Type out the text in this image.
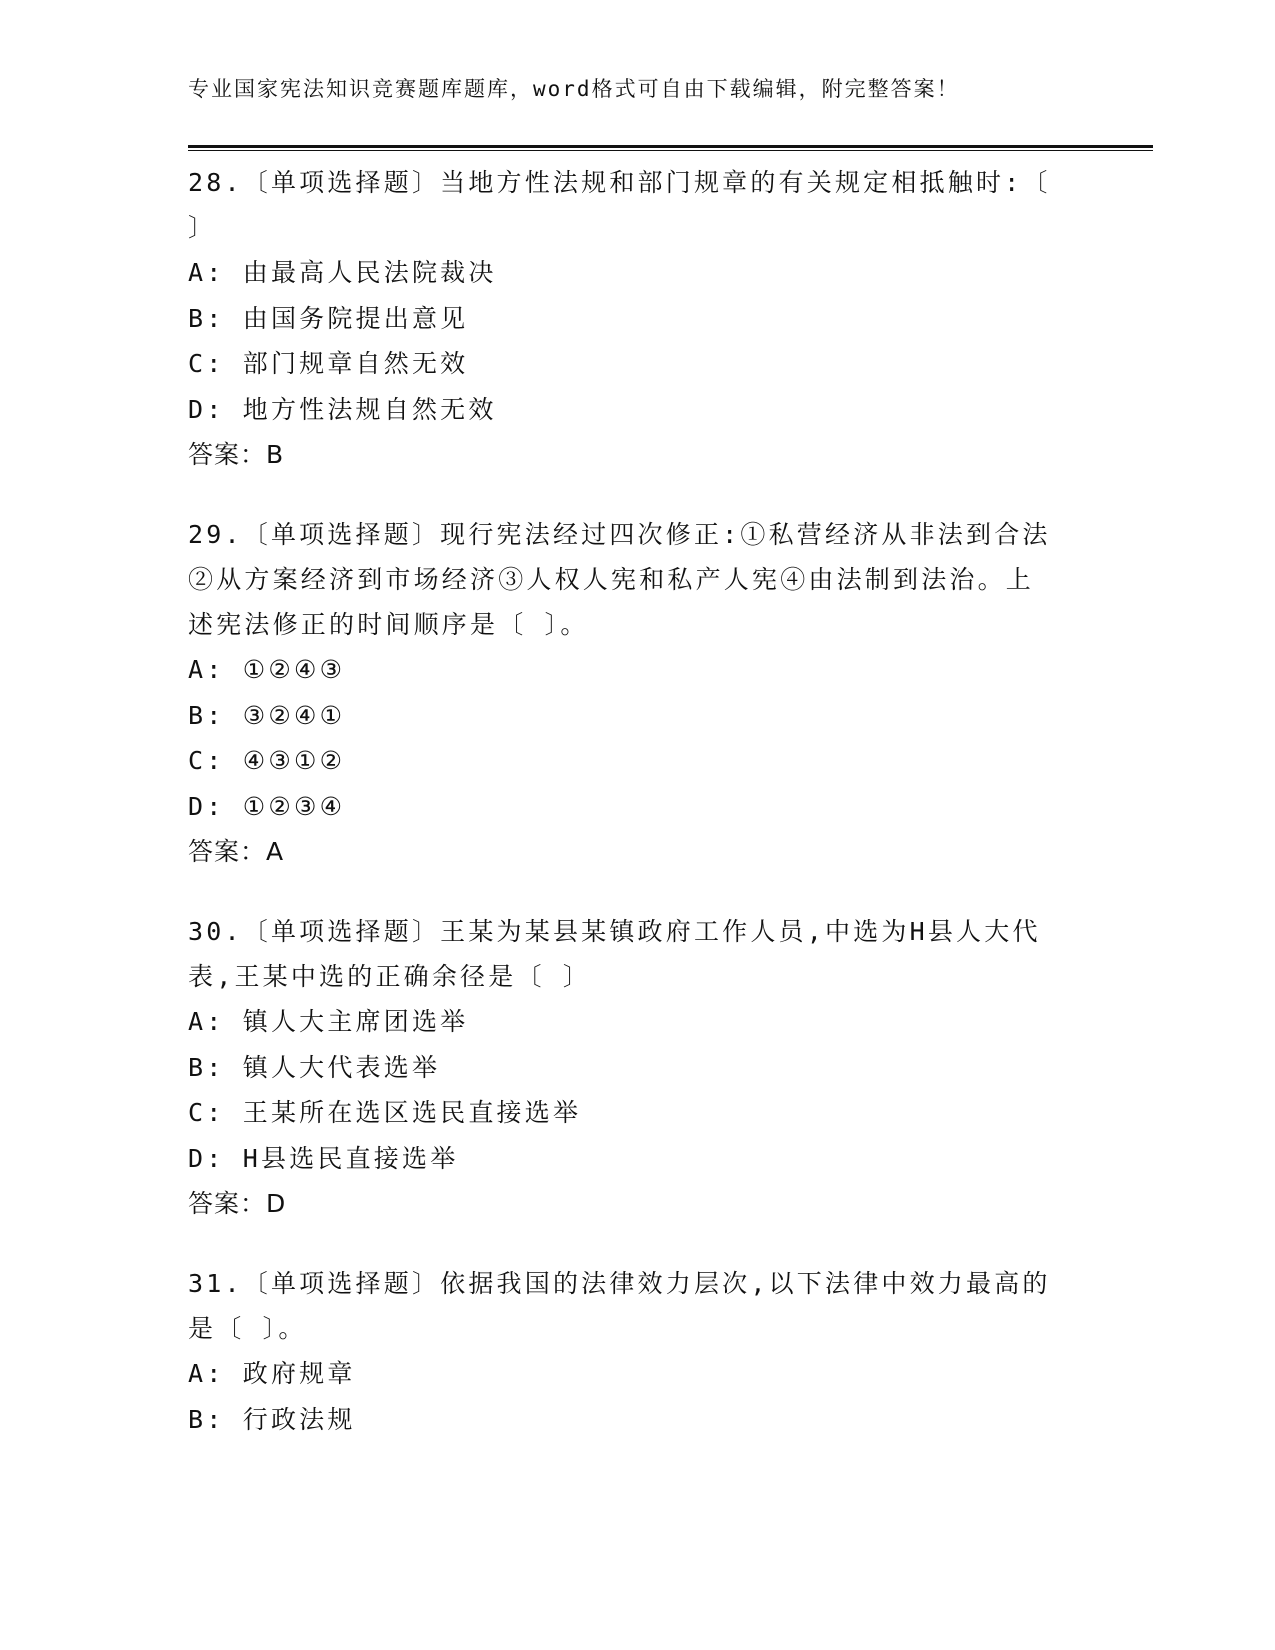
专业国家宪法知识竞赛题库题库，word格式可自由下载编辑，附完整答案！

28.〔单项选择题〕当地方性法规和部门规章的有关规定相抵触时:〔

〕

A: 由最高人民法院裁决

B: 由国务院提出意见

C: 部门规章自然无效

D: 地方性法规自然无效

答案：B

29.〔单项选择题〕现行宪法经过四次修正:①私营经济从非法到合法

②从方案经济到市场经济③人权人宪和私产人宪④由法制到法治。上

述宪法修正的时间顺序是〔 〕。

A: ①②④③

B: ③②④①

C: ④③①②

D: ①②③④

答案：A

30.〔单项选择题〕王某为某县某镇政府工作人员,中选为H县人大代

表,王某中选的正确余径是〔 〕

A: 镇人大主席团选举

B: 镇人大代表选举

C: 王某所在选区选民直接选举

D: H县选民直接选举

答案：D

31.〔单项选择题〕依据我国的法律效力层次,以下法律中效力最高的

是〔 〕。

A: 政府规章

B: 行政法规
